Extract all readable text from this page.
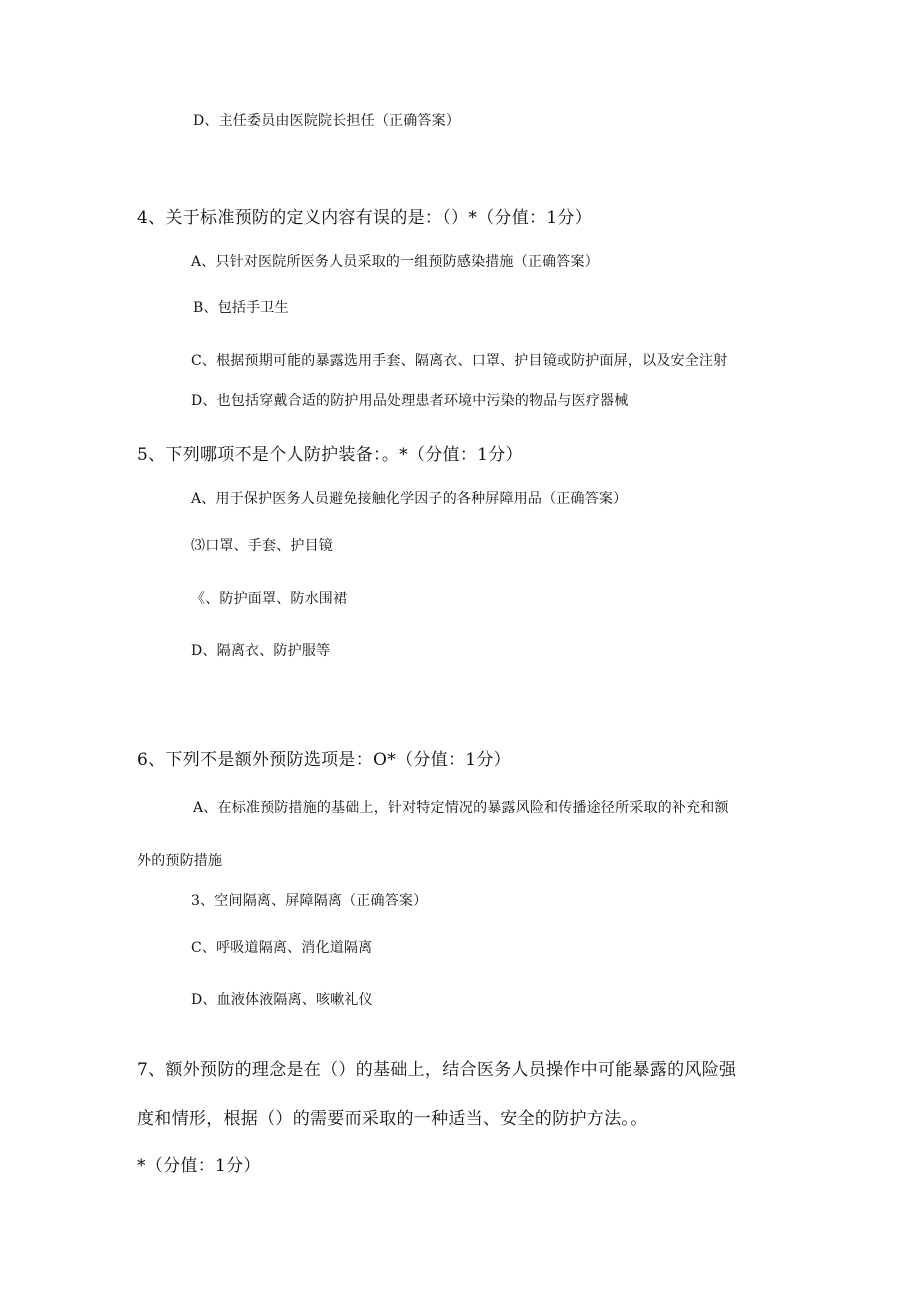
D、主任委员由医院院长担任（正确答案）
4、关于标准预防的定义内容有误的是：（）*（分值：1分）
A、只针对医院所医务人员采取的一组预防感染措施（正确答案）
B、包括手卫生
C、根据预期可能的暴露选用手套、隔离衣、口罩、护目镜或防护面屏，以及安全注射
D、也包括穿戴合适的防护用品处理患者环境中污染的物品与医疗器械
5、下列哪项不是个人防护装备：。*（分值：1分）
A、用于保护医务人员避免接触化学因子的各种屏障用品（正确答案）
⑶口罩、手套、护目镜
《、防护面罩、防水围裙
D、隔离衣、防护服等
6、下列不是额外预防选项是：O*（分值：1分）
A、在标准预防措施的基础上，针对特定情况的暴露风险和传播途径所采取的补充和额
外的预防措施
3、空间隔离、屏障隔离（正确答案）
C、呼吸道隔离、消化道隔离
D、血液体液隔离、咳嗽礼仪
7、额外预防的理念是在（）的基础上，结合医务人员操作中可能暴露的风险强
度和情形，根据（）的需要而采取的一种适当、安全的防护方法。。
*（分值：1分）
